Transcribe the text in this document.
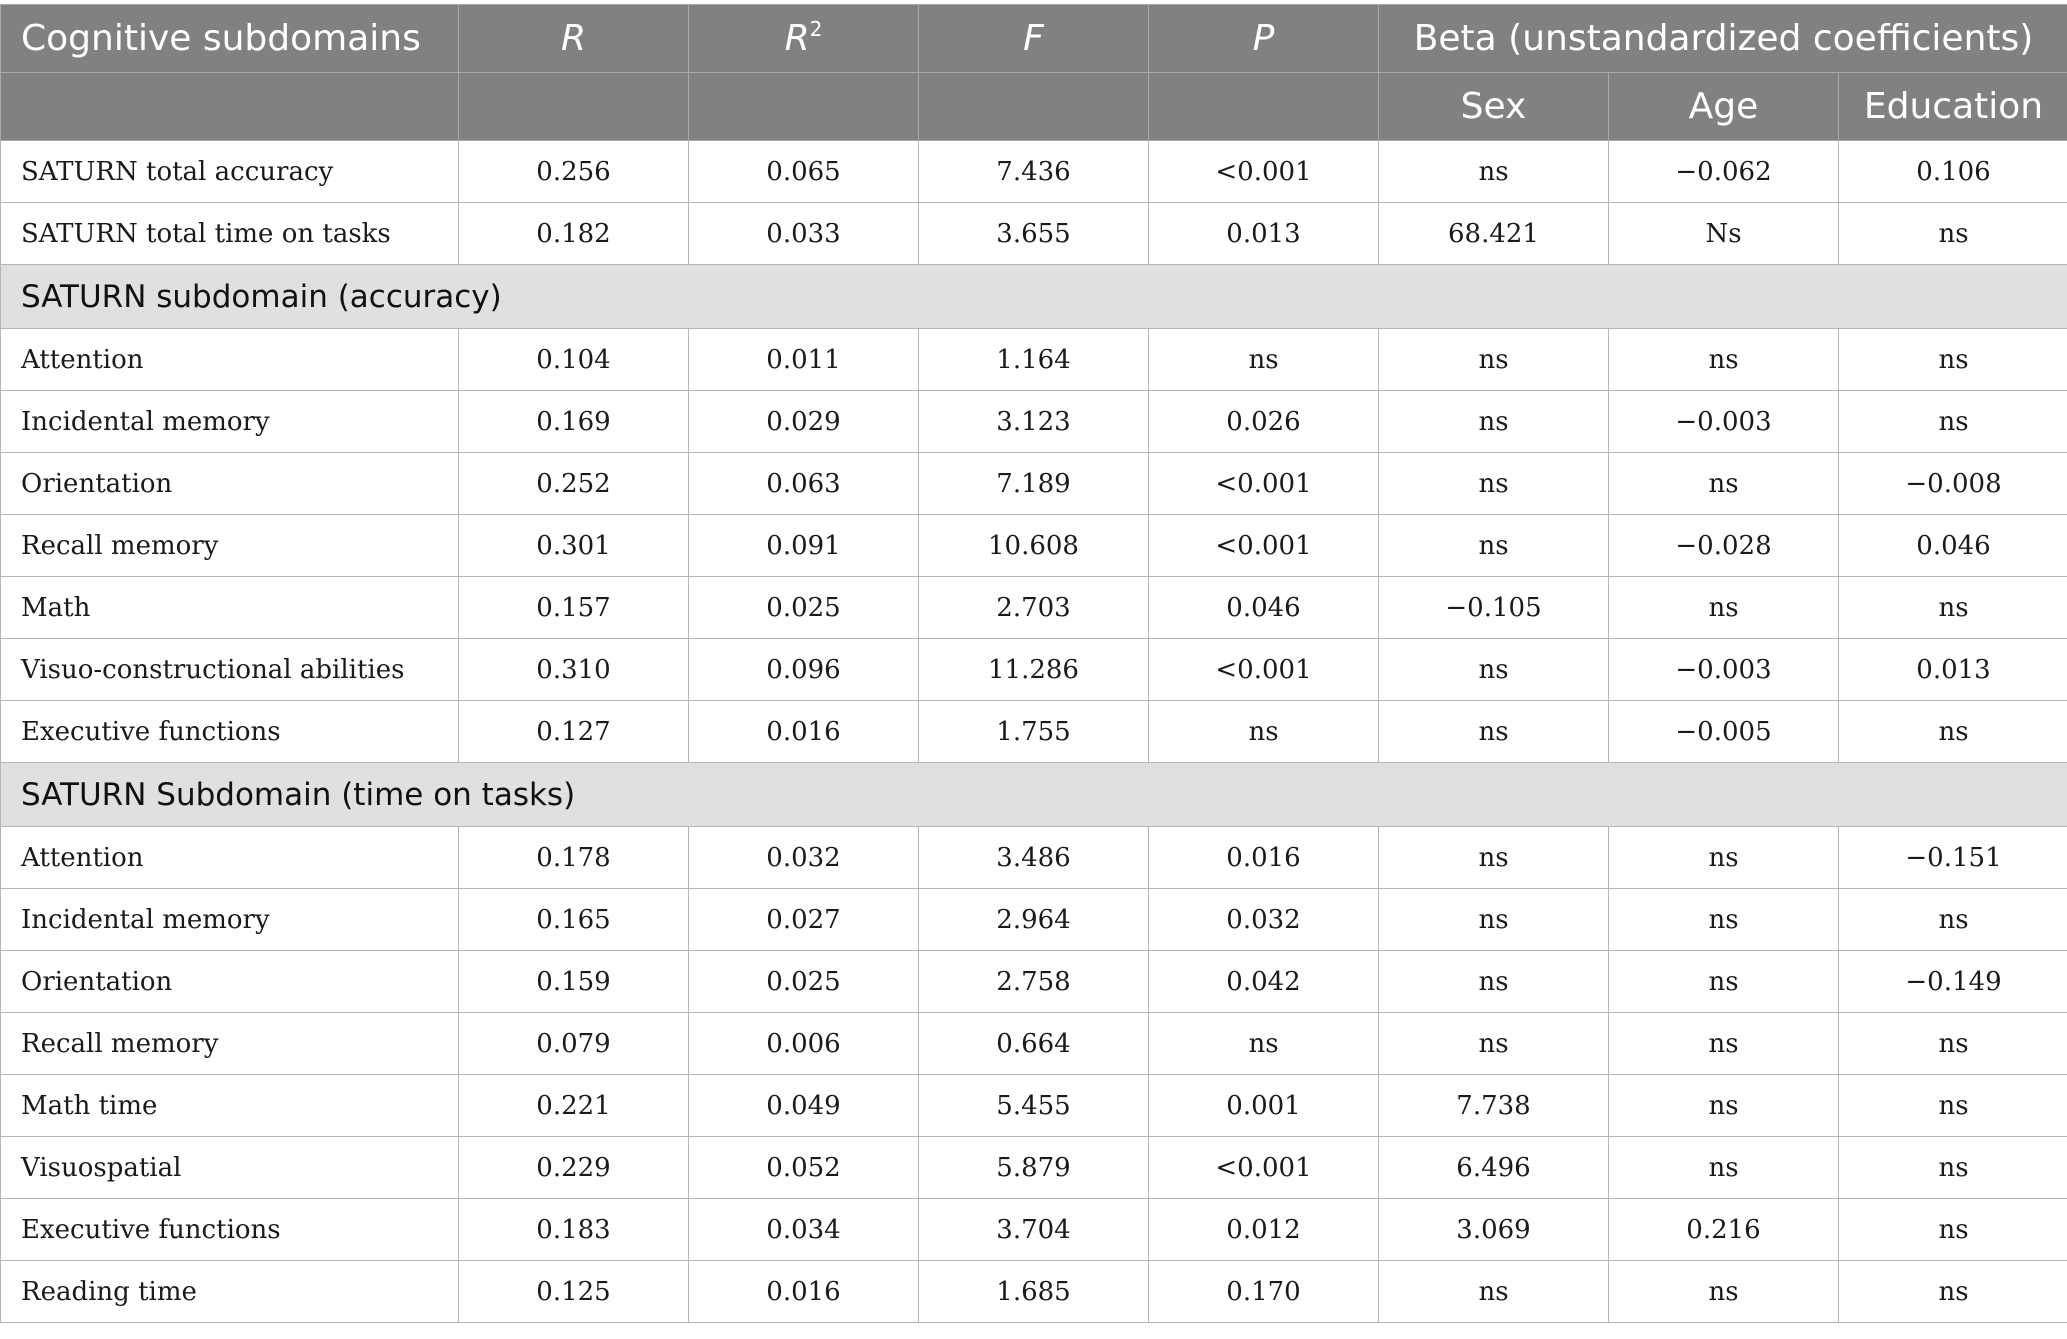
Cognitive subdomains	R	$R^2$	F	P	Beta (unstandardized coefficients)		
					Sex	Age	Education
SATURN total accuracy	0.256	0.065	7.436	<0.001	ns	−0.062	0.106
SATURN total time on tasks	0.182	0.033	3.655	0.013	68.421	Ns	ns
SATURN subdomain (accuracy)							
Attention	0.104	0.011	1.164	ns	ns	ns	ns
Incidental memory	0.169	0.029	3.123	0.026	ns	−0.003	ns
Orientation	0.252	0.063	7.189	<0.001	ns	ns	−0.008
Recall memory	0.301	0.091	10.608	<0.001	ns	−0.028	0.046
Math	0.157	0.025	2.703	0.046	−0.105	ns	ns
Visuo-constructional abilities	0.310	0.096	11.286	<0.001	ns	−0.003	0.013
Executive functions	0.127	0.016	1.755	ns	ns	−0.005	ns
SATURN Subdomain (time on tasks)							
Attention	0.178	0.032	3.486	0.016	ns	ns	−0.151
Incidental memory	0.165	0.027	2.964	0.032	ns	ns	ns
Orientation	0.159	0.025	2.758	0.042	ns	ns	−0.149
Recall memory	0.079	0.006	0.664	ns	ns	ns	ns
Math time	0.221	0.049	5.455	0.001	7.738	ns	ns
Visuospatial	0.229	0.052	5.879	<0.001	6.496	ns	ns
Executive functions	0.183	0.034	3.704	0.012	3.069	0.216	ns
Reading time	0.125	0.016	1.685	0.170	ns	ns	ns
